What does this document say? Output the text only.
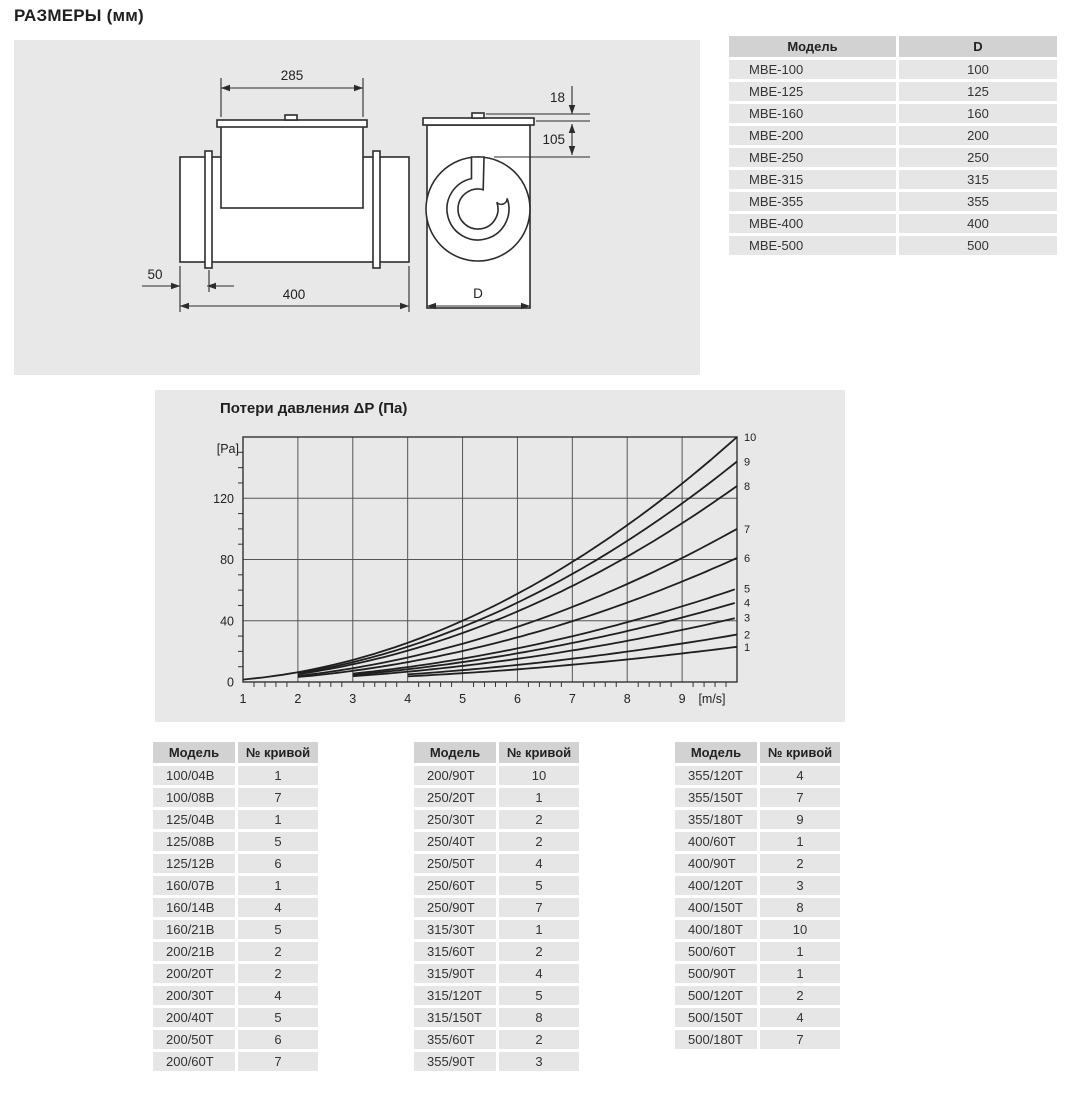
РАЗМЕРЫ (мм)
285
400
50
D
18
105
Модель	D
MBE-100	100
MBE-125	125
MBE-160	160
MBE-200	200
MBE-250	250
MBE-315	315
MBE-355	355
MBE-400	400
MBE-500	500
Потери давления ΔP (Па)
1
2
3
4
5
6
7
8
9
10
1	2	3	4	5	6	7	8	9 [m/s]
0
40
80
120
[Pa]
Модель	№ кривой
100/04B	1
100/08B	7
125/04B	1
125/08B	5
125/12B	6
160/07B	1
160/14B	4
160/21B	5
200/21B	2
200/20T	2
200/30T	4
200/40T	5
200/50T	6
200/60T	7
Модель	№ кривой
200/90T	10
250/20T	1
250/30T	2
250/40T	2
250/50T	4
250/60T	5
250/90T	7
315/30T	1
315/60T	2
315/90T	4
315/120T	5
315/150T	8
355/60T	2
355/90T	3
Модель	№ кривой
355/120T	4
355/150T	7
355/180T	9
400/60T	1
400/90T	2
400/120T	3
400/150T	8
400/180T	10
500/60T	1
500/90T	1
500/120T	2
500/150T	4
500/180T	7
